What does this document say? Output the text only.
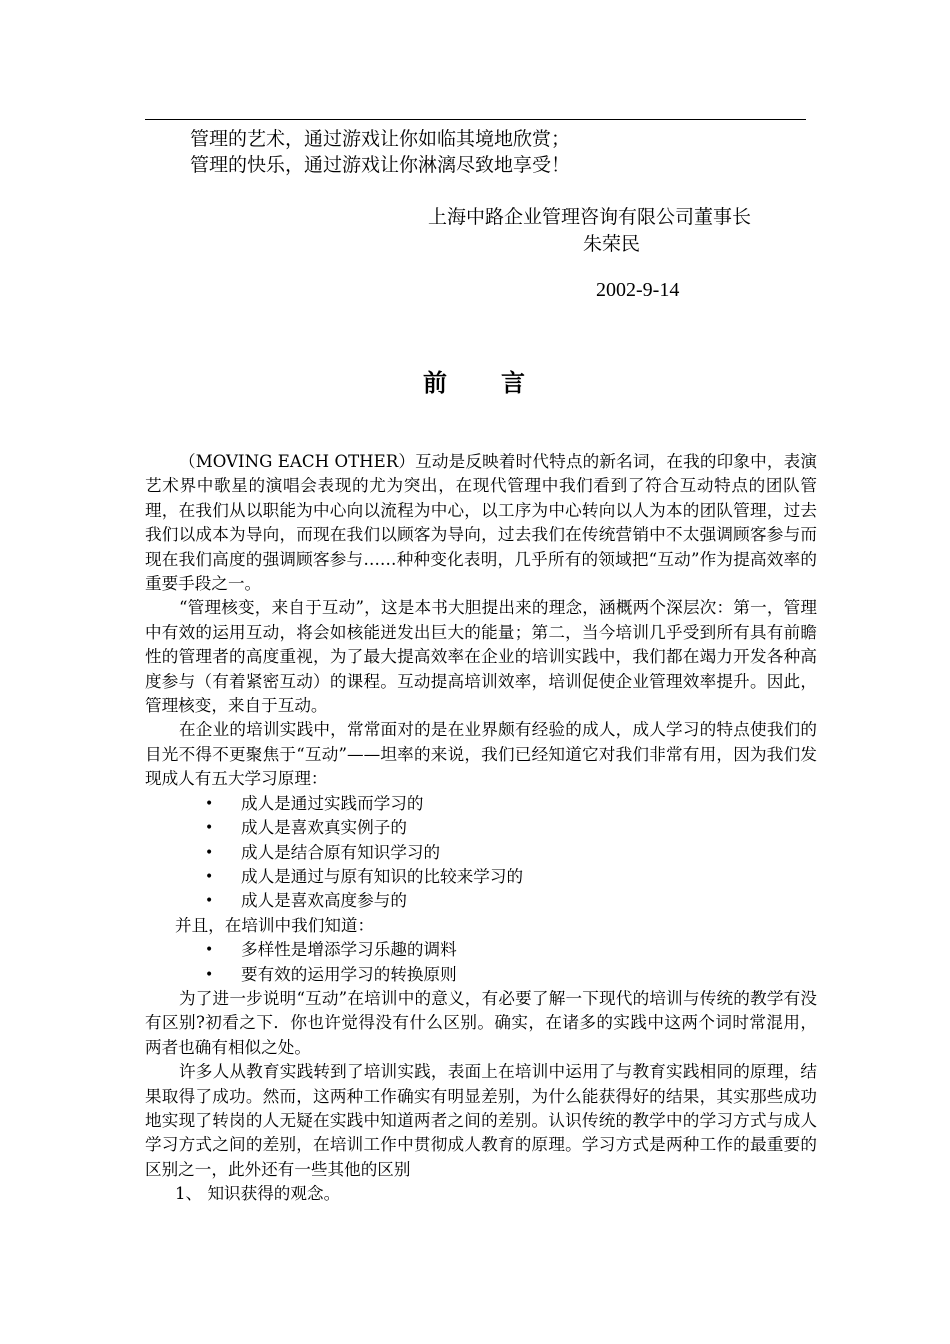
管理的艺术，通过游戏让你如临其境地欣赏；
管理的快乐，通过游戏让你淋漓尽致地享受！
上海中路企业管理咨询有限公司董事长
朱荣民
2002-9-14
前 言

（MOVING EACH OTHER）互动是反映着时代特点的新名词，在我的印象中，表演艺术界中歌星的演唱会表现的尤为突出，在现代管理中我们看到了符合互动特点的团队管理，在我们从以职能为中心向以流程为中心，以工序为中心转向以人为本的团队管理，过去我们以成本为导向，而现在我们以顾客为导向，过去我们在传统营销中不太强调顾客参与而现在我们高度的强调顾客参与……种种变化表明，几乎所有的领域把“互动”作为提高效率的重要手段之一。

“管理核变，来自于互动”，这是本书大胆提出来的理念，涵概两个深层次：第一，管理中有效的运用互动，将会如核能迸发出巨大的能量；第二，当今培训几乎受到所有具有前瞻性的管理者的高度重视，为了最大提高效率在企业的培训实践中，我们都在竭力开发各种高度参与（有着紧密互动）的课程。互动提高培训效率，培训促使企业管理效率提升。因此，管理核变，来自于互动。

在企业的培训实践中，常常面对的是在业界颇有经验的成人，成人学习的特点使我们的目光不得不更聚焦于“互动”——坦率的来说，我们已经知道它对我们非常有用，因为我们发现成人有五大学习原理：

• 成人是通过实践而学习的
• 成人是喜欢真实例子的
• 成人是结合原有知识学习的
• 成人是通过与原有知识的比较来学习的
• 成人是喜欢高度参与的

并且，在培训中我们知道：

• 多样性是增添学习乐趣的调料
• 要有效的运用学习的转换原则

为了进一步说明“互动”在培训中的意义，有必要了解一下现代的培训与传统的教学有没有区别?初看之下．你也许觉得没有什么区别。确实，在诸多的实践中这两个词时常混用，两者也确有相似之处。

许多人从教育实践转到了培训实践，表面上在培训中运用了与教育实践相同的原理，结果取得了成功。然而，这两种工作确实有明显差别，为什么能获得好的结果，其实那些成功地实现了转岗的人无疑在实践中知道两者之间的差别。认识传统的教学中的学习方式与成人学习方式之间的差别，在培训工作中贯彻成人教育的原理。学习方式是两种工作的最重要的区别之一，此外还有一些其他的区别

1、 知识获得的观念。
